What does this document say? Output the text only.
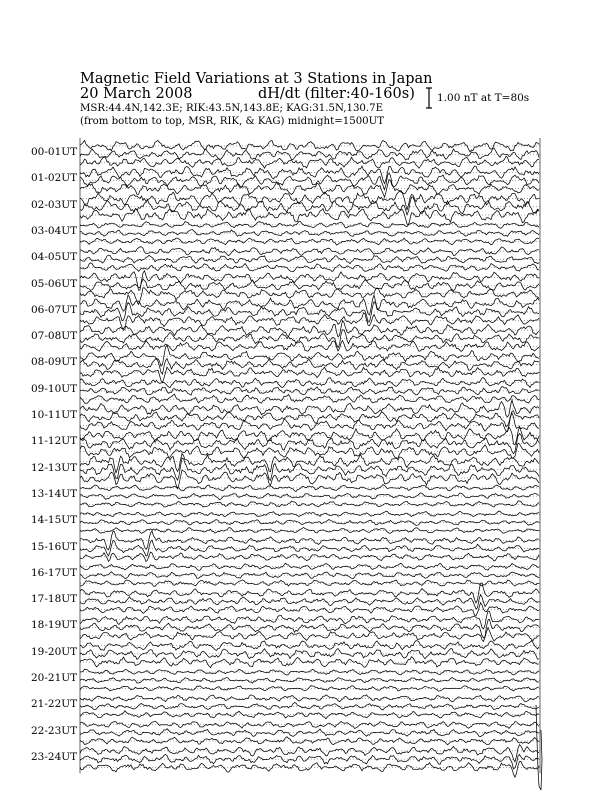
Magnetic Field Variations at 3 Stations in Japan
20 March 2008	dH/dt (filter:40-160s)
MSR:44.4N,142.3E; RIK:43.5N,143.8E; KAG:31.5N,130.7E
(from bottom to top, MSR, RIK, & KAG) midnight=1500UT
1.00 nT at T=80s
00-01UT
01-02UT
02-03UT
03-04UT
04-05UT
05-06UT
06-07UT
07-08UT
08-09UT
09-10UT
10-11UT
11-12UT
12-13UT
13-14UT
14-15UT
15-16UT
16-17UT
17-18UT
18-19UT
19-20UT
20-21UT
21-22UT
22-23UT
23-24UT
